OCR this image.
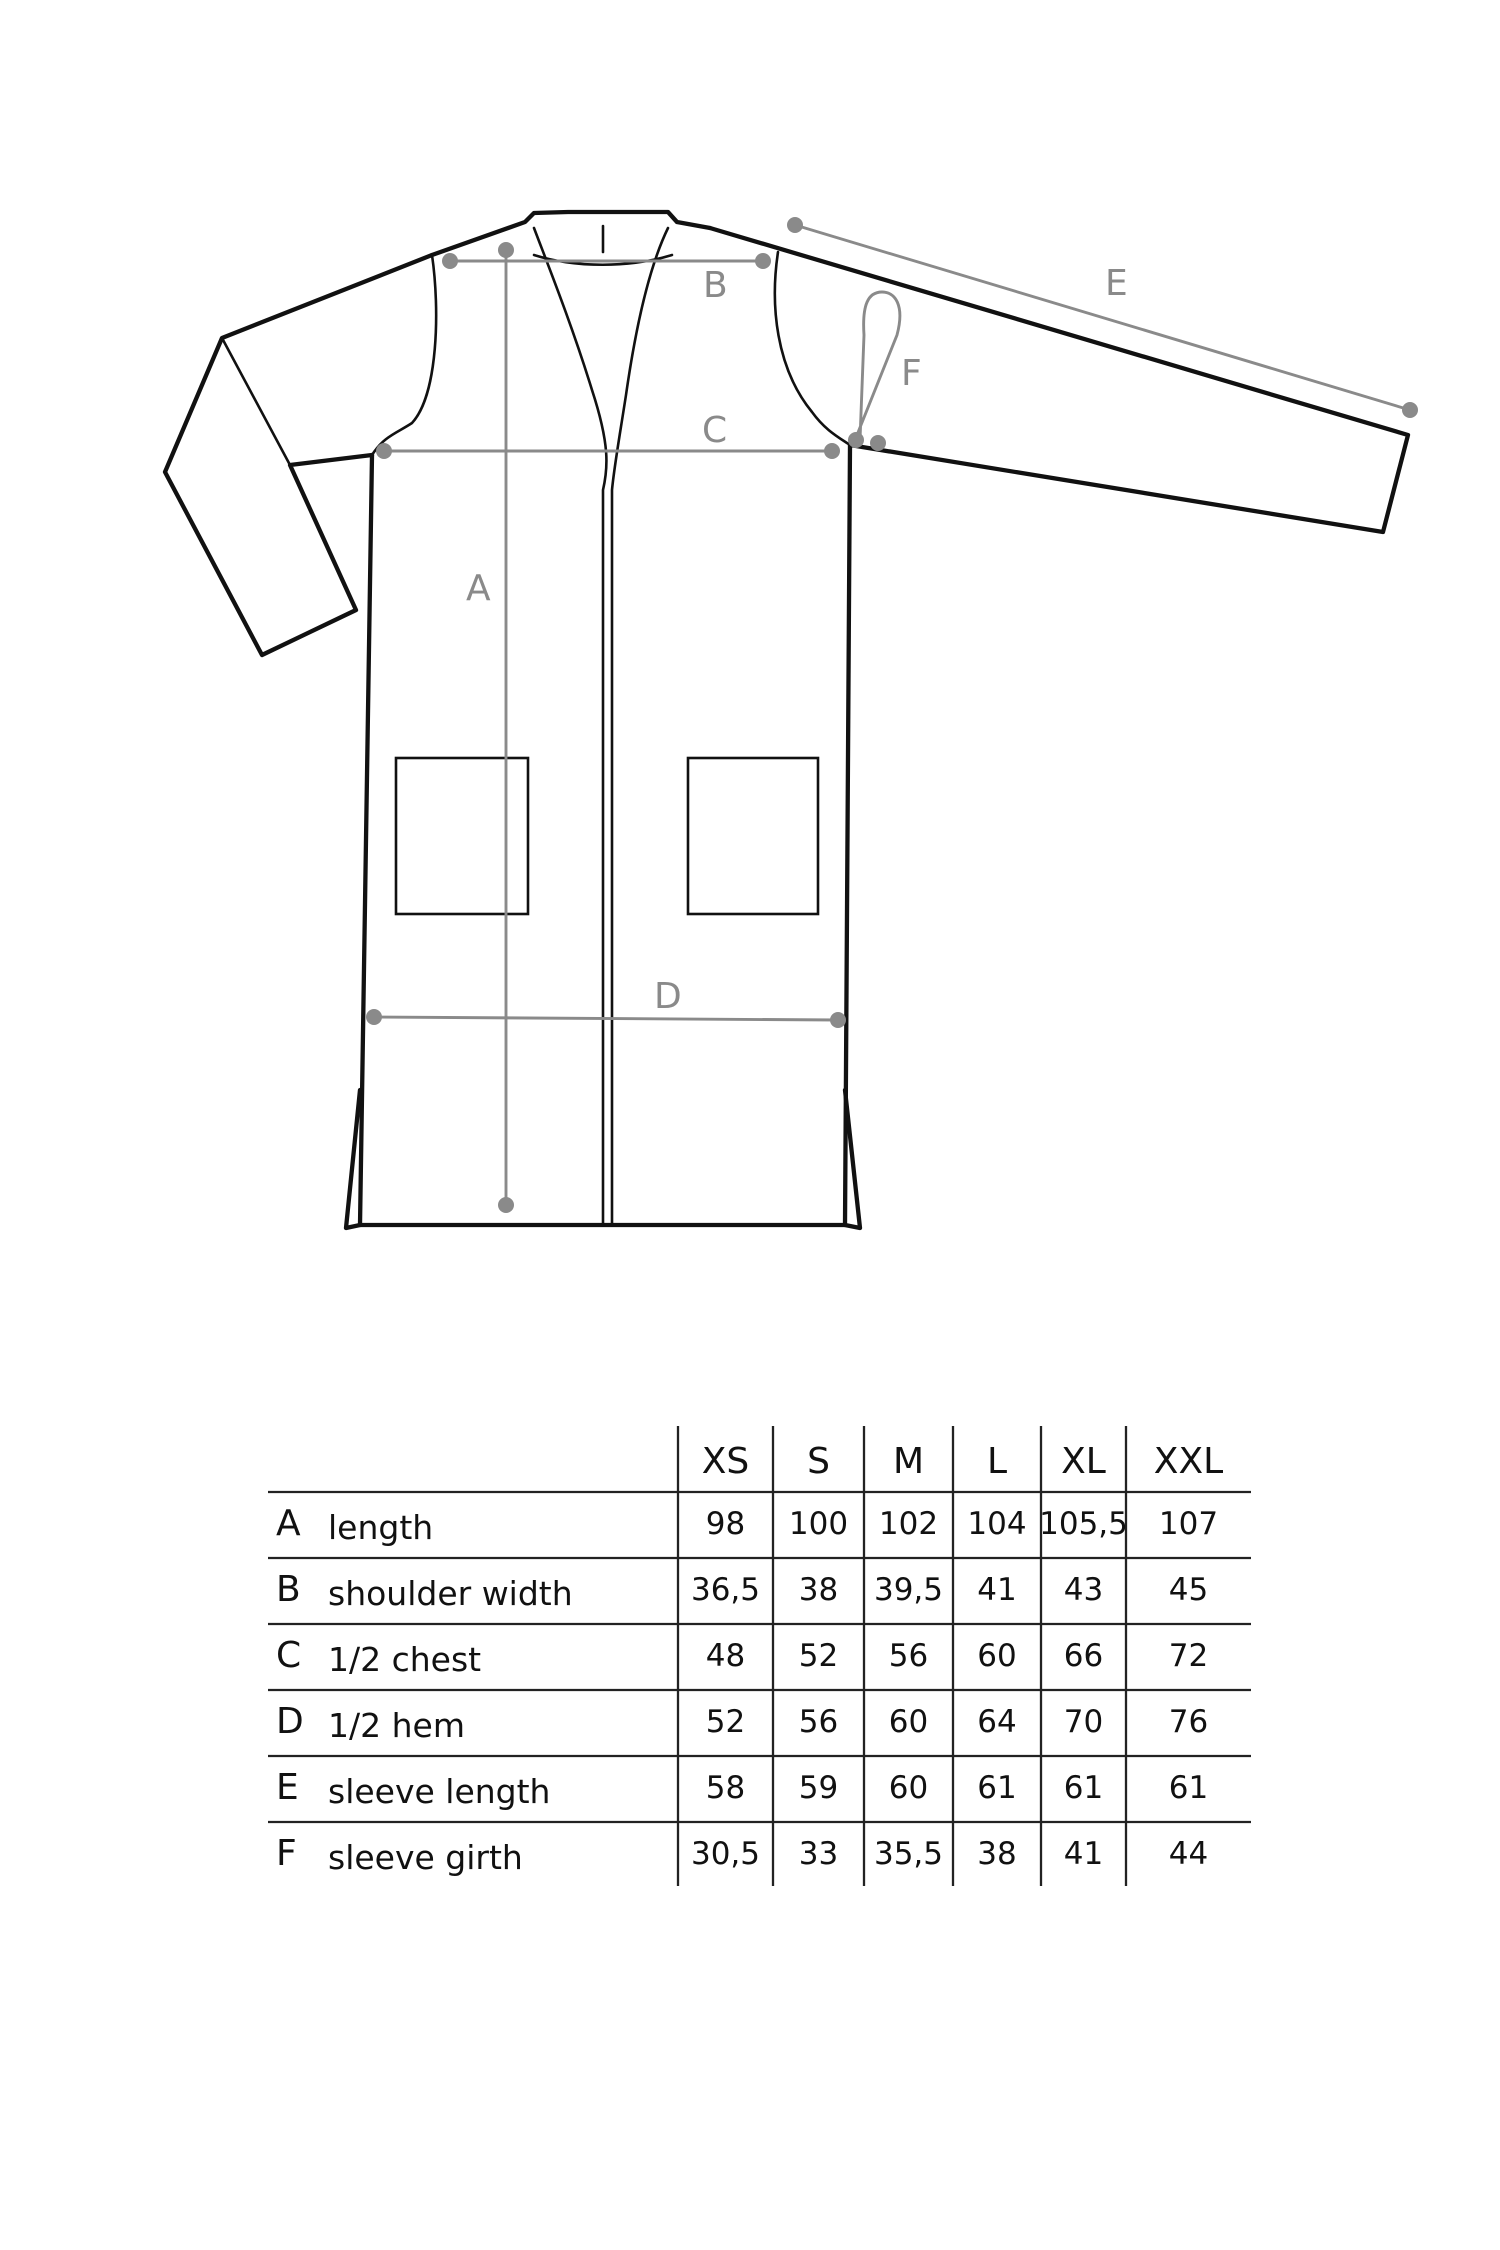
A
B
C
D
E
F
XS S M L XL XXL
A length	98 100 102 104 105,5 107
B shoulder width	36,5 38 39,5 41 43 45
C 1/2 chest	48 52 56 60 66 72
D 1/2 hem	52 56 60 64 70 76
E sleeve length	58 59 60 61 61 61
F sleeve girth	30,5 33 35,5 38 41 44
